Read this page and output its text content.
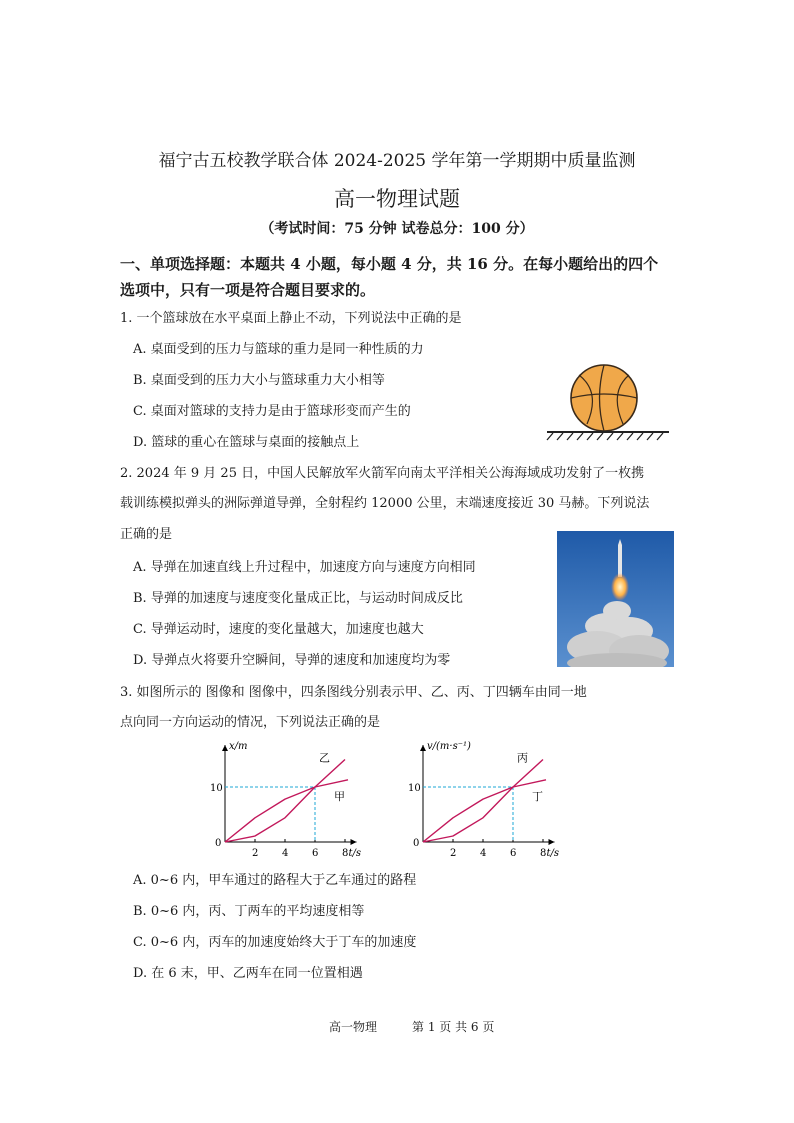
福宁古五校教学联合体 2024-2025 学年第一学期期中质量监测
高一物理试题
（考试时间：75 分钟 试卷总分：100 分）
一、单项选择题：本题共 4 小题，每小题 4 分，共 16 分。在每小题给出的四个
选项中，只有一项是符合题目要求的。
1. 一个篮球放在水平桌面上静止不动，下列说法中正确的是
A. 桌面受到的压力与篮球的重力是同一种性质的力
B. 桌面受到的压力大小与篮球重力大小相等
C. 桌面对篮球的支持力是由于篮球形变而产生的
D. 篮球的重心在篮球与桌面的接触点上
2. 2024 年 9 月 25 日，中国人民解放军火箭军向南太平洋相关公海海域成功发射了一枚携
载训练模拟弹头的洲际弹道导弹，全射程约 12000 公里，末端速度接近 30 马赫。下列说法
正确的是
A. 导弹在加速直线上升过程中，加速度方向与速度方向相同
B. 导弹的加速度与速度变化量成正比，与运动时间成反比
C. 导弹运动时，速度的变化量越大，加速度也越大
D. 导弹点火将要升空瞬间，导弹的速度和加速度均为零
3. 如图所示的 图像和 图像中，四条图线分别表示甲、乙、丙、丁四辆车由同一地
点向同一方向运动的情况，下列说法正确的是
x/m
t/s
0
2 4 6 8
10
乙
甲
v/(m·s⁻¹)
t/s
0
2 4 6 8
10
丙
丁
A. 0~6 内，甲车通过的路程大于乙车通过的路程
B. 0~6 内，丙、丁两车的平均速度相等
C. 0~6 内，丙车的加速度始终大于丁车的加速度
D. 在 6 末，甲、乙两车在同一位置相遇
高一物理	第 1 页 共 6 页
